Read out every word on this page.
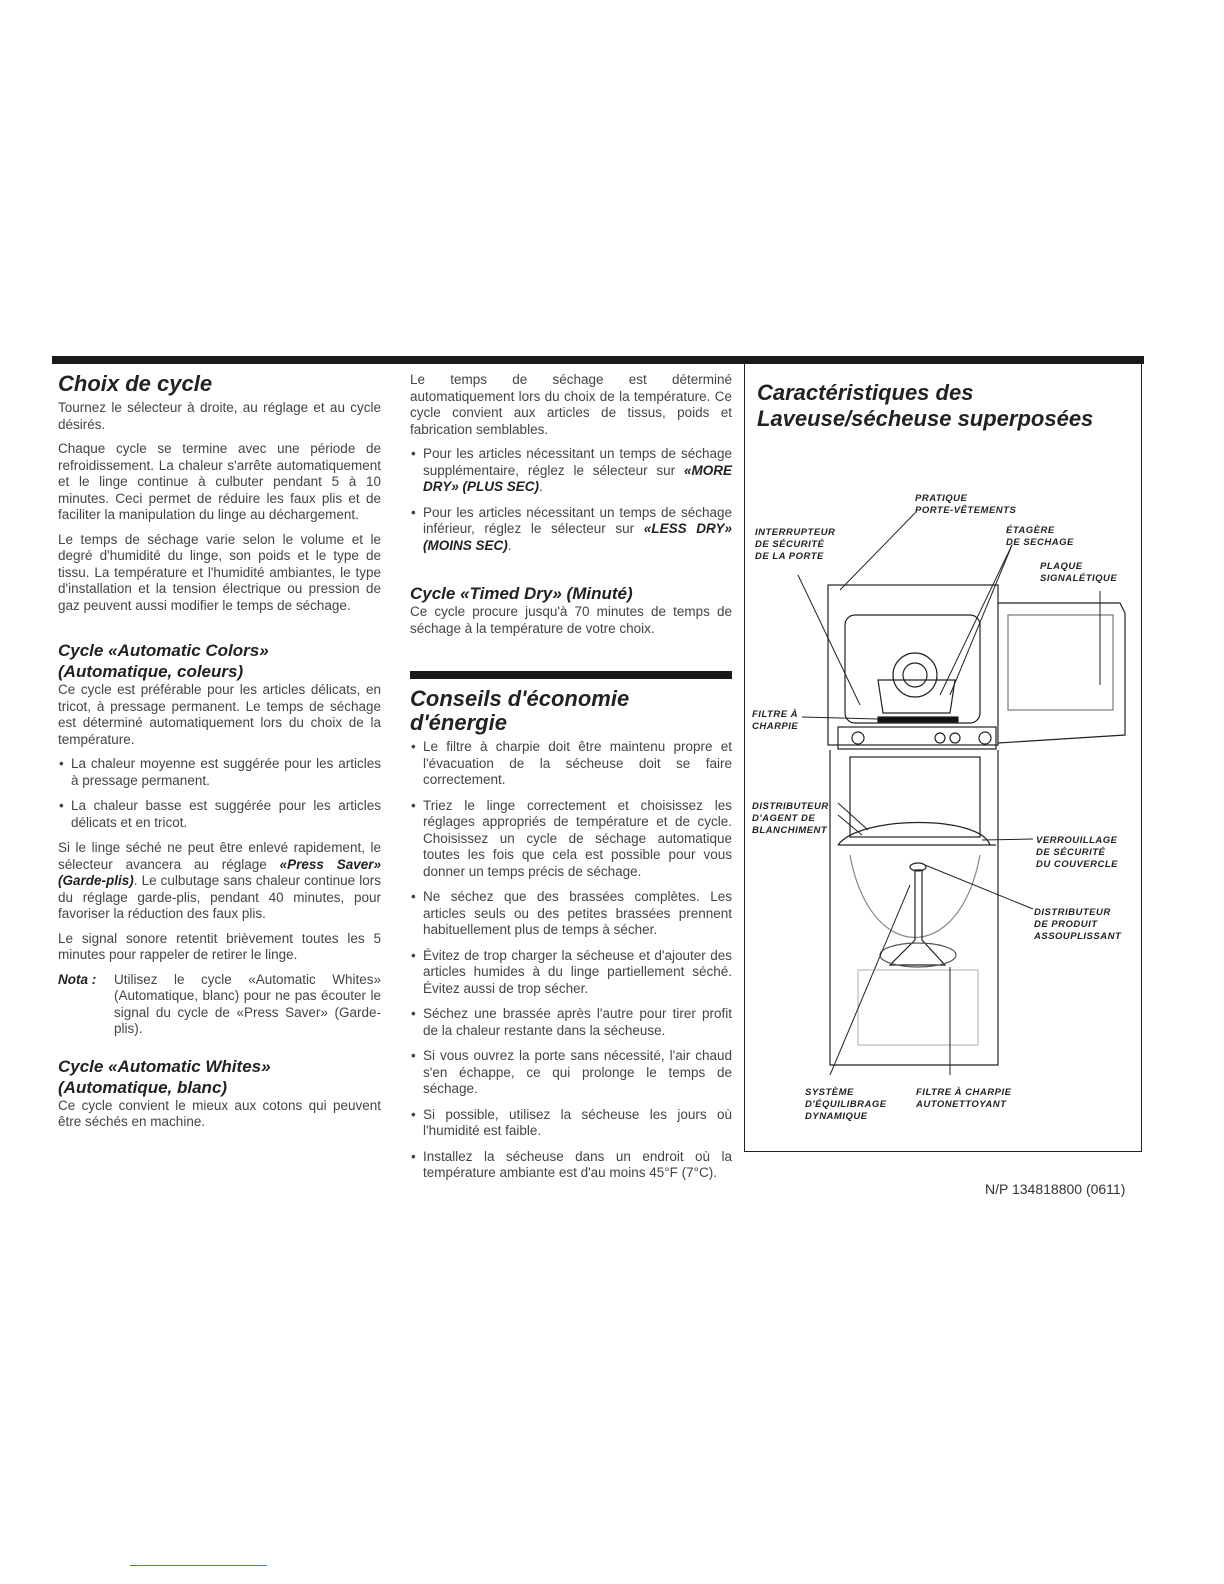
Choix de cycle

Tournez le sélecteur à droite, au réglage et au cycle désirés.

Chaque cycle se termine avec une période de refroidissement. La chaleur s'arrête automatiquement et le linge continue à culbuter pendant 5 à 10 minutes. Ceci permet de réduire les faux plis et de faciliter la manipulation du linge au déchargement.

Le temps de séchage varie selon le volume et le degré d'humidité du linge, son poids et le type de tissu. La température et l'humidité ambiantes, le type d'installation et la tension électrique ou pression de gaz peuvent aussi modifier le temps de séchage.

Cycle «Automatic Colors»
(Automatique, coleurs)

Ce cycle est préférable pour les articles délicats, en tricot, à pressage permanent. Le temps de séchage est déterminé automatiquement lors du choix de la température.

• La chaleur moyenne est suggérée pour les articles à pressage permanent.
• La chaleur basse est suggérée pour les articles délicats et en tricot.

Si le linge séché ne peut être enlevé rapidement, le sélecteur avancera au réglage «Press Saver» (Garde-plis). Le culbutage sans chaleur continue lors du réglage garde-plis, pendant 40 minutes, pour favoriser la réduction des faux plis.

Le signal sonore retentit brièvement toutes les 5 minutes pour rappeler de retirer le linge.

Nota :	Utilisez le cycle «Automatic Whites» (Automatique, blanc) pour ne pas écouter le signal du cycle de «Press Saver» (Garde-plis).
Cycle «Automatic Whites»
(Automatique, blanc)

Ce cycle convient le mieux aux cotons qui peuvent être séchés en machine.

Le temps de séchage est déterminé automatiquement lors du choix de la température. Ce cycle convient aux articles de tissus, poids et fabrication semblables.

• Pour les articles nécessitant un temps de séchage supplémentaire, réglez le sélecteur sur «MORE DRY» (PLUS SEC).
• Pour les articles nécessitant un temps de séchage inférieur, réglez le sélecteur sur «LESS DRY» (MOINS SEC).
Cycle «Timed Dry» (Minuté)

Ce cycle procure jusqu'à 70 minutes de temps de séchage à la température de votre choix.

Conseils d'économie d'énergie
• Le filtre à charpie doit être maintenu propre et l'évacuation de la sécheuse doit se faire correctement.
• Triez le linge correctement et choisissez les réglages appropriés de température et de cycle. Choisissez un cycle de séchage automatique toutes les fois que cela est possible pour vous donner un temps précis de séchage.
• Ne séchez que des brassées complètes. Les articles seuls ou des petites brassées prennent habituellement plus de temps à sécher.
• Évitez de trop charger la sécheuse et d'ajouter des articles humides à du linge partiellement séché. Évitez aussi de trop sécher.
• Séchez une brassée après l'autre pour tirer profit de la chaleur restante dans la sécheuse.
• Si vous ouvrez la porte sans nécessité, l'air chaud s'en échappe, ce qui prolonge le temps de séchage.
• Si possible, utilisez la sécheuse les jours où l'humidité est faible.
• Installez la sécheuse dans un endroit où la température ambiante est d'au moins 45°F (7°C).
Caractéristiques des Laveuse/sécheuse superposées
PRATIQUE
PORTE-VÊTEMENTS
INTERRUPTEUR
DE SÉCURITÉ
DE LA PORTE
ÉTAGÈRE
DE SECHAGE
PLAQUE
SIGNALÉTIQUE
FILTRE À
CHARPIE
DISTRIBUTEUR
D'AGENT DE
BLANCHIMENT
VERROUILLAGE
DE SÉCURITÉ
DU COUVERCLE
DISTRIBUTEUR
DE PRODUIT
ASSOUPLISSANT
SYSTÈME
D'ÉQUILIBRAGE
DYNAMIQUE
FILTRE À CHARPIE
AUTONETTOYANT
N/P 134818800 (0611)
